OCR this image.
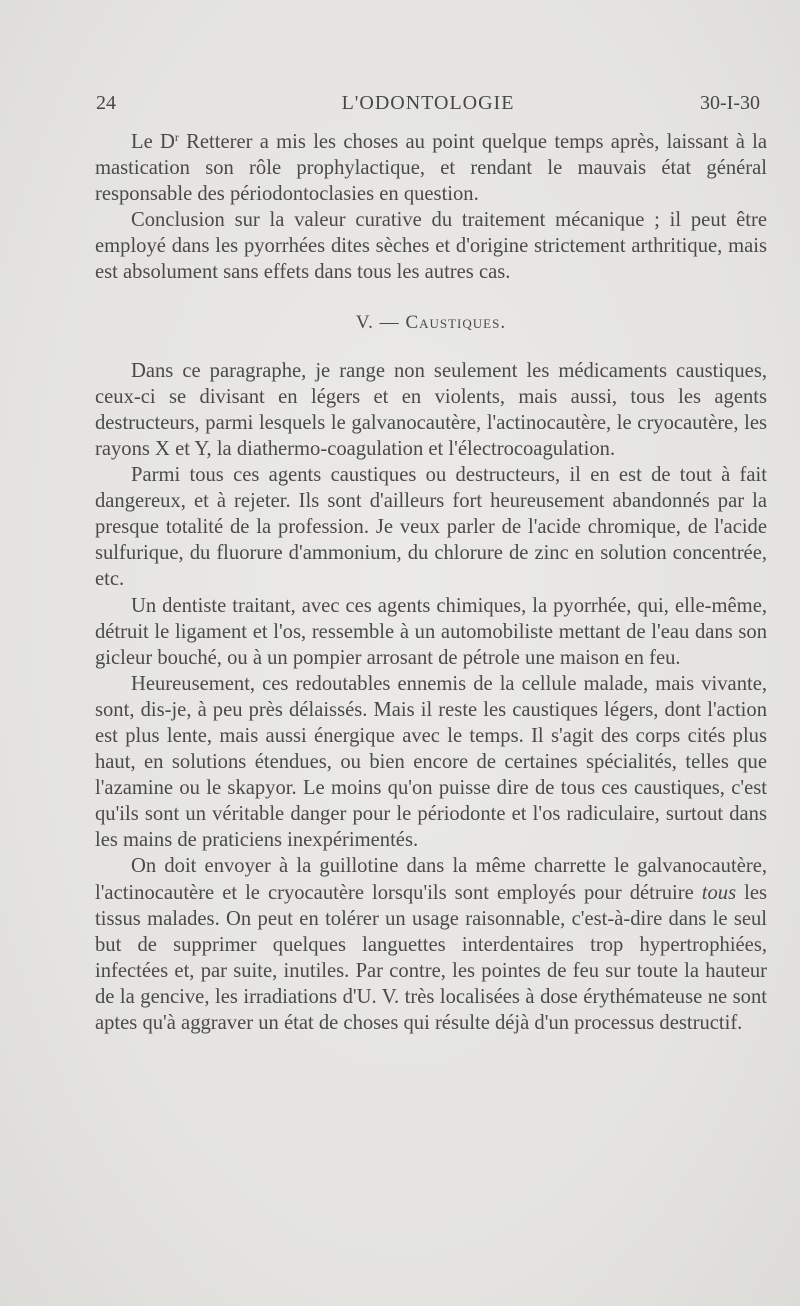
24	L'ODONTOLOGIE	30-I-30

Le $D^r$ Retterer a mis les choses au point quelque temps après, laissant à la mastication son rôle prophylactique, et rendant le mauvais état général responsable des périodontoclasies en question.

Conclusion sur la valeur curative du traitement mécanique ; il peut être employé dans les pyorrhées dites sèches et d'origine strictement arthritique, mais est absolument sans effets dans tous les autres cas.

V. — Caustiques.

Dans ce paragraphe, je range non seulement les médicaments caustiques, ceux-ci se divisant en légers et en violents, mais aussi, tous les agents destructeurs, parmi lesquels le galvanocautère, l'actinocautère, le cryocautère, les rayons X et Y, la diathermo-coagulation et l'électrocoagulation.

Parmi tous ces agents caustiques ou destructeurs, il en est de tout à fait dangereux, et à rejeter. Ils sont d'ailleurs fort heureusement abandonnés par la presque totalité de la profession. Je veux parler de l'acide chromique, de l'acide sulfurique, du fluorure d'ammonium, du chlorure de zinc en solution concentrée, etc.

Un dentiste traitant, avec ces agents chimiques, la pyorrhée, qui, elle-même, détruit le ligament et l'os, ressemble à un automobiliste mettant de l'eau dans son gicleur bouché, ou à un pompier arrosant de pétrole une maison en feu.

Heureusement, ces redoutables ennemis de la cellule malade, mais vivante, sont, dis-je, à peu près délaissés. Mais il reste les caustiques légers, dont l'action est plus lente, mais aussi énergique avec le temps. Il s'agit des corps cités plus haut, en solutions étendues, ou bien encore de certaines spécialités, telles que l'azamine ou le skapyor. Le moins qu'on puisse dire de tous ces caustiques, c'est qu'ils sont un véritable danger pour le périodonte et l'os radiculaire, surtout dans les mains de praticiens inexpérimentés.

On doit envoyer à la guillotine dans la même charrette le galvanocautère, l'actinocautère et le cryocautère lorsqu'ils sont employés pour détruire tous les tissus malades. On peut en tolérer un usage raisonnable, c'est-à-dire dans le seul but de supprimer quelques languettes interdentaires trop hypertrophiées, infectées et, par suite, inutiles. Par contre, les pointes de feu sur toute la hauteur de la gencive, les irradiations d'U. V. très localisées à dose érythémateuse ne sont aptes qu'à aggraver un état de choses qui résulte déjà d'un processus destructif.
